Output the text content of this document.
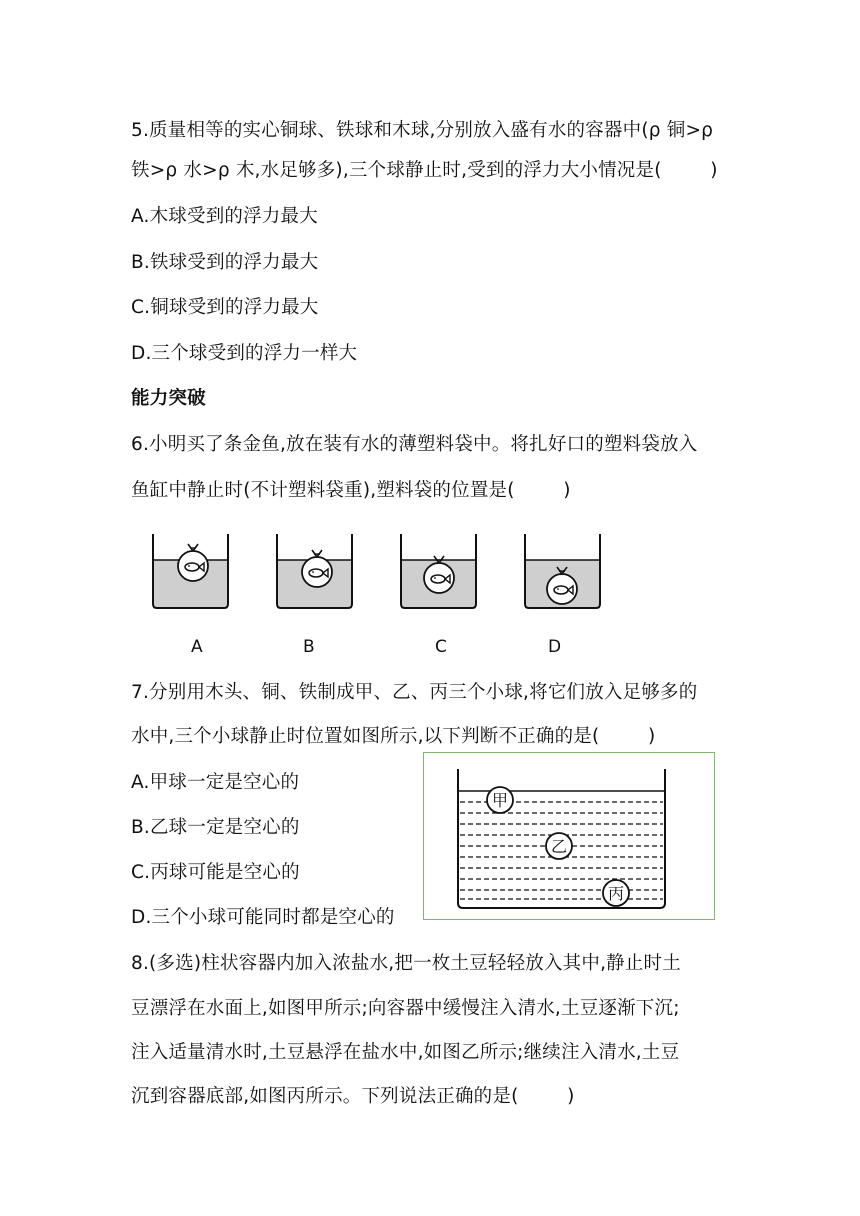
5.质量相等的实心铜球、铁球和木球,分别放入盛有水的容器中(ρ 铜>ρ
铁>ρ 水>ρ 木,水足够多),三个球静止时,受到的浮力大小情况是(        )
A.木球受到的浮力最大
B.铁球受到的浮力最大
C.铜球受到的浮力最大
D.三个球受到的浮力一样大
能力突破
6.小明买了条金鱼,放在装有水的薄塑料袋中。将扎好口的塑料袋放入
鱼缸中静止时(不计塑料袋重),塑料袋的位置是(        )
A	B	C	D
7.分别用木头、铜、铁制成甲、乙、丙三个小球,将它们放入足够多的
水中,三个小球静止时位置如图所示,以下判断不正确的是(        )
A.甲球一定是空心的
B.乙球一定是空心的
C.丙球可能是空心的
D.三个小球可能同时都是空心的
甲
乙
丙
8.(多选)柱状容器内加入浓盐水,把一枚土豆轻轻放入其中,静止时土
豆漂浮在水面上,如图甲所示;向容器中缓慢注入清水,土豆逐渐下沉;
注入适量清水时,土豆悬浮在盐水中,如图乙所示;继续注入清水,土豆
沉到容器底部,如图丙所示。下列说法正确的是(        )
